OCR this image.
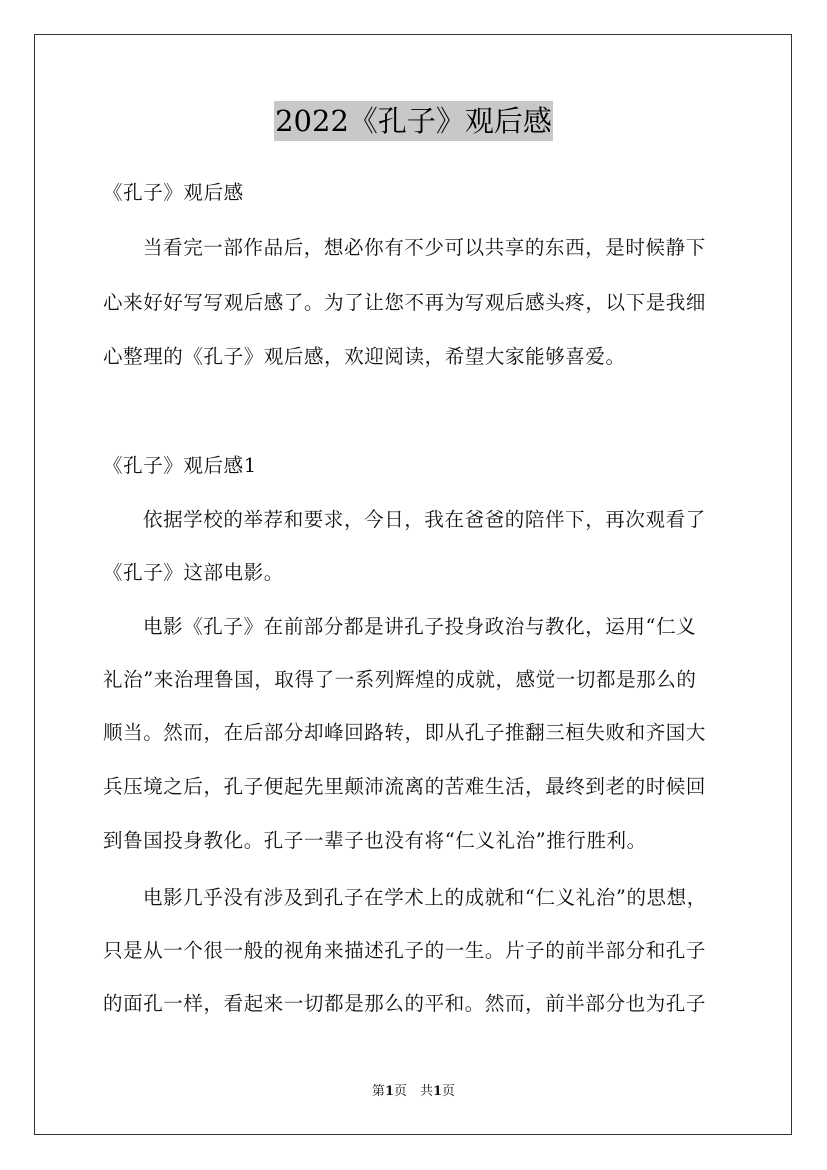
2022《孔子》观后感
《孔子》观后感
当看完一部作品后，想必你有不少可以共享的东西，是时候静下
心来好好写写观后感了。为了让您不再为写观后感头疼，以下是我细
心整理的《孔子》观后感，欢迎阅读，希望大家能够喜爱。
《孔子》观后感1
依据学校的举荐和要求，今日，我在爸爸的陪伴下，再次观看了
《孔子》这部电影。
电影《孔子》在前部分都是讲孔子投身政治与教化，运用“仁义
礼治”来治理鲁国，取得了一系列辉煌的成就，感觉一切都是那么的
顺当。然而，在后部分却峰回路转，即从孔子推翻三桓失败和齐国大
兵压境之后，孔子便起先里颠沛流离的苦难生活，最终到老的时候回
到鲁国投身教化。孔子一辈子也没有将“仁义礼治”推行胜利。
电影几乎没有涉及到孔子在学术上的成就和“仁义礼治”的思想，
只是从一个很一般的视角来描述孔子的一生。片子的前半部分和孔子
的面孔一样，看起来一切都是那么的平和。然而，前半部分也为孔子
第1页　共1页
